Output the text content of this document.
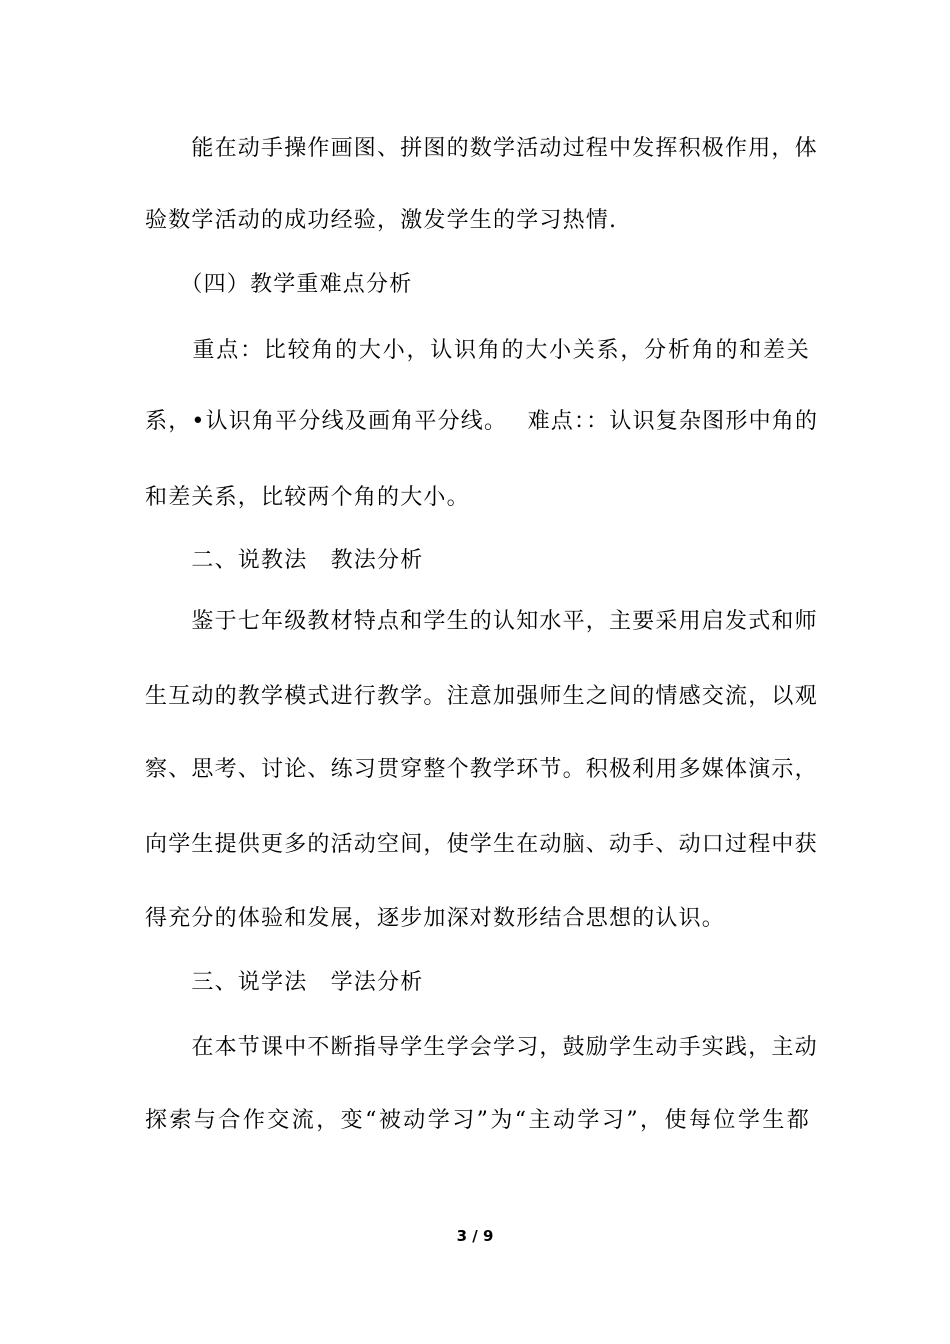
　　能在动手操作画图、拼图的数学活动过程中发挥积极作用，体
验数学活动的成功经验，激发学生的学习热情.
　　（四）教学重难点分析
　　重点：比较角的大小，认识角的大小关系，分析角的和差关
系，•认识角平分线及画角平分线。　 难点：：认识复杂图形中角的
和差关系，比较两个角的大小。
　　二、说教法　教法分析
　　鉴于七年级教材特点和学生的认知水平，主要采用启发式和师
生互动的教学模式进行教学。注意加强师生之间的情感交流，以观
察、思考、讨论、练习贯穿整个教学环节。积极利用多媒体演示，
向学生提供更多的活动空间，使学生在动脑、动手、动口过程中获
得充分的体验和发展，逐步加深对数形结合思想的认识。
　　三、说学法　学法分析
　　在本节课中不断指导学生学会学习，鼓励学生动手实践，主动
探索与合作交流，变“被动学习”为“主动学习”，使每位学生都
3 / 9
